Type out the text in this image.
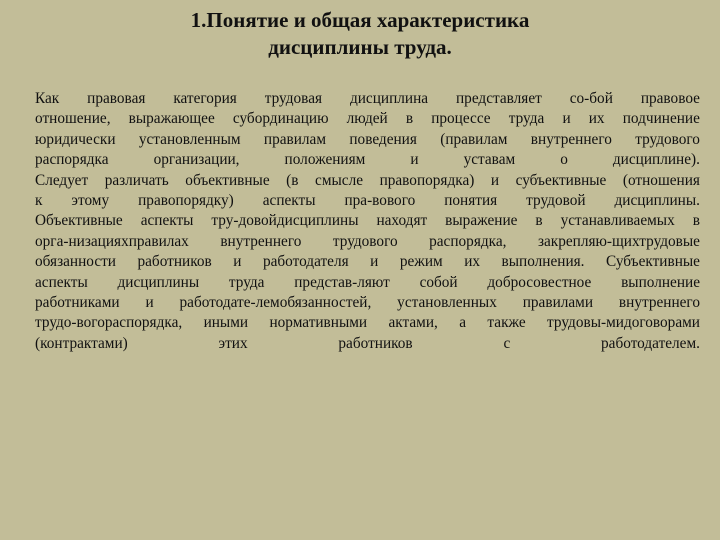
1.Понятие и общая характеристика
дисциплины труда.
Как правовая категория трудовая дисциплина представляет со-бой правовое
отношение, выражающее субординацию людей в процессе труда и их подчинение
юридически установленным правилам поведения (правилам внутреннего трудового
распорядка	организации,	положениям	и	уставам	о	дисциплине).
Следует различать объективные (в смысле правопорядка) и субъективные (отношения
к этому правопорядку) аспекты пра-вового понятия трудовой дисциплины.
Объективные аспекты тру-довойдисциплины находят выражение в устанавливаемых в
орга-низацияхправилах внутреннего трудового распорядка, закрепляю-щихтрудовые
обязанности работников и работодателя и режим их выполнения. Субъективные
аспекты дисциплины труда представ-ляют собой добросовестное выполнение
работниками и работодате-лемобязанностей, установленных правилами внутреннего
трудо-вогораспорядка, иными нормативными актами, а также трудовы-мидоговорами
(контрактами)	этих	работников	с	работодателем.
